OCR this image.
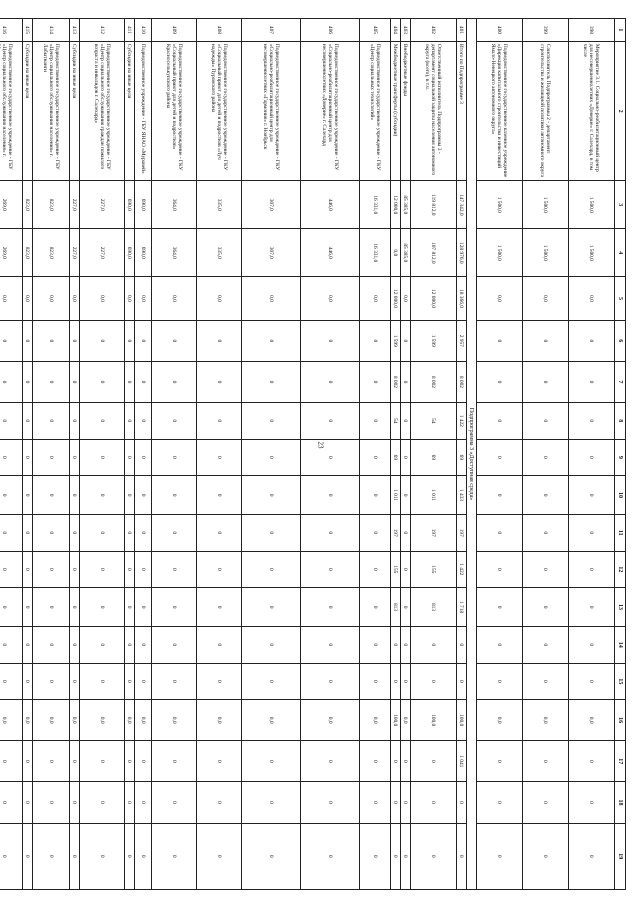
23
1	2	3	4	5	6	7	8	9	10	11	12	13	14	15	16	17	18	19
398	Мероприятие 3.1. Социально-реабилитационный центр для несовершеннолетних «Доверие» г. Салехард, в том числе	1 500,0	1 500,0	0,0	0	0	0	0	0	0	0	0	0	0	0,0	0	0	0
399	Соисполнитель Подпрограммы 2 - департамент строительства и жилищной политики автономного округа	1 500,0	1 500,0	0,0	0	0	0	0	0	0	0	0	0	0	0,0	0	0	0
400	Подведомственное государственное казенное учреждение «Дирекция капитального строительства и инвестиций Ямало-Ненецкого автономного округа»	1 500,0	1 500,0	0,0	0	0	0	0	0	0	0	0	0	0	0,0	0	0	0
Подпрограмма 3 «Доступная среда»																		
401	Итого по Подпрограмме 3	147 342,0	128 976,0	18 366,0	2 957	8 002	1 422	69	1 433	197	1 422	1 718	0	0	100,0	1 041	0	0
402	Ответственный исполнитель Подпрограммы 3 - департамент социальной защиты населения автономного округа (всего), в т.ч.	119 812,0	107 812,0	12 000,0	1 599	8 002	54	69	1 011	197	155	813	0	0	100,0	0	0	0
403	Внебюджетные фонды	85 385,0	85 385,0	0,0	0	0	0	0	0	0	0	0	0	0	0,0	0	0	0
404	Межбюджетные трансферты (субсидии)	12 000,0	0,0	12 000,0	1 599	8 002	54	69	1 011	197	155	813	0	0	100,0	0	0	0
405	Подведомственное государственное учреждение - ГКУ «Центр социальных технологий»	16 331,0	16 331,0	0,0	0	0	0	0	0	0	0	0	0	0	0,0	0	0	0
406	Подведомственное государственное учреждение - ГКУ «Социально-реабилитационный центр для несовершеннолетних «Доверие» г. Салехард	446,0	446,0	0,0	0	0	0	0	0	0	0	0	0	0	0,0	0	0	0
407	Подведомственное государственное учреждение - ГКУ «Социально-реабилитационный центр для несовершеннолетних «Гармония» г. Ноябрьск	307,0	307,0	0,0	0	0	0	0	0	0	0	0	0	0	0,0	0	0	0
408	Подведомственное государственное учреждение - ГКУ «Социальный приют для детей и подростков «Луч надежды» Пуровского района	335,0	335,0	0,0	0	0	0	0	0	0	0	0	0	0	0,0	0	0	0
409	Подведомственное государственное учреждение - ГКУ «Социальный приют для детей и подростков» Красноселькупского района	364,0	364,0	0,0	0	0	0	0	0	0	0	0	0	0	0,0	0	0	0
410	Подведомственное учреждение - ГБУ ЯНАО «Муравей»	690,0	690,0	0,0	0	0	0	0	0	0	0	0	0	0	0,0	0	0	0
411	Субсидии на иные цели	690,0	690,0	0,0	0	0	0	0	0	0	0	0	0	0	0,0	0	0	0
412	Подведомственное государственное учреждение - ГБУ «Центр социального обслуживания граждан пожилого возраста и инвалидов г. Салехард»	227,0	227,0	0,0	0	0	0	0	0	0	0	0	0	0	0,0	0	0	0
413	Субсидии на иные цели	227,0	227,0	0,0	0	0	0	0	0	0	0	0	0	0	0,0	0	0	0
414	Подведомственное государственное учреждение - ГБУ «Центр социального обслуживания населения» г. Лабытнанги	823,0	823,0	0,0	0	0	0	0	0	0	0	0	0	0	0,0	0	0	0
415	Субсидии на иные цели	823,0	823,0	0,0	0	0	0	0	0	0	0	0	0	0	0,0	0	0	0
416	Подведомственное государственное учреждение - ГБУ «Центр социального обслуживания населения» г.	269,0	269,0	0,0	0	0	0	0	0	0	0	0	0	0	0,0	0	0	0
